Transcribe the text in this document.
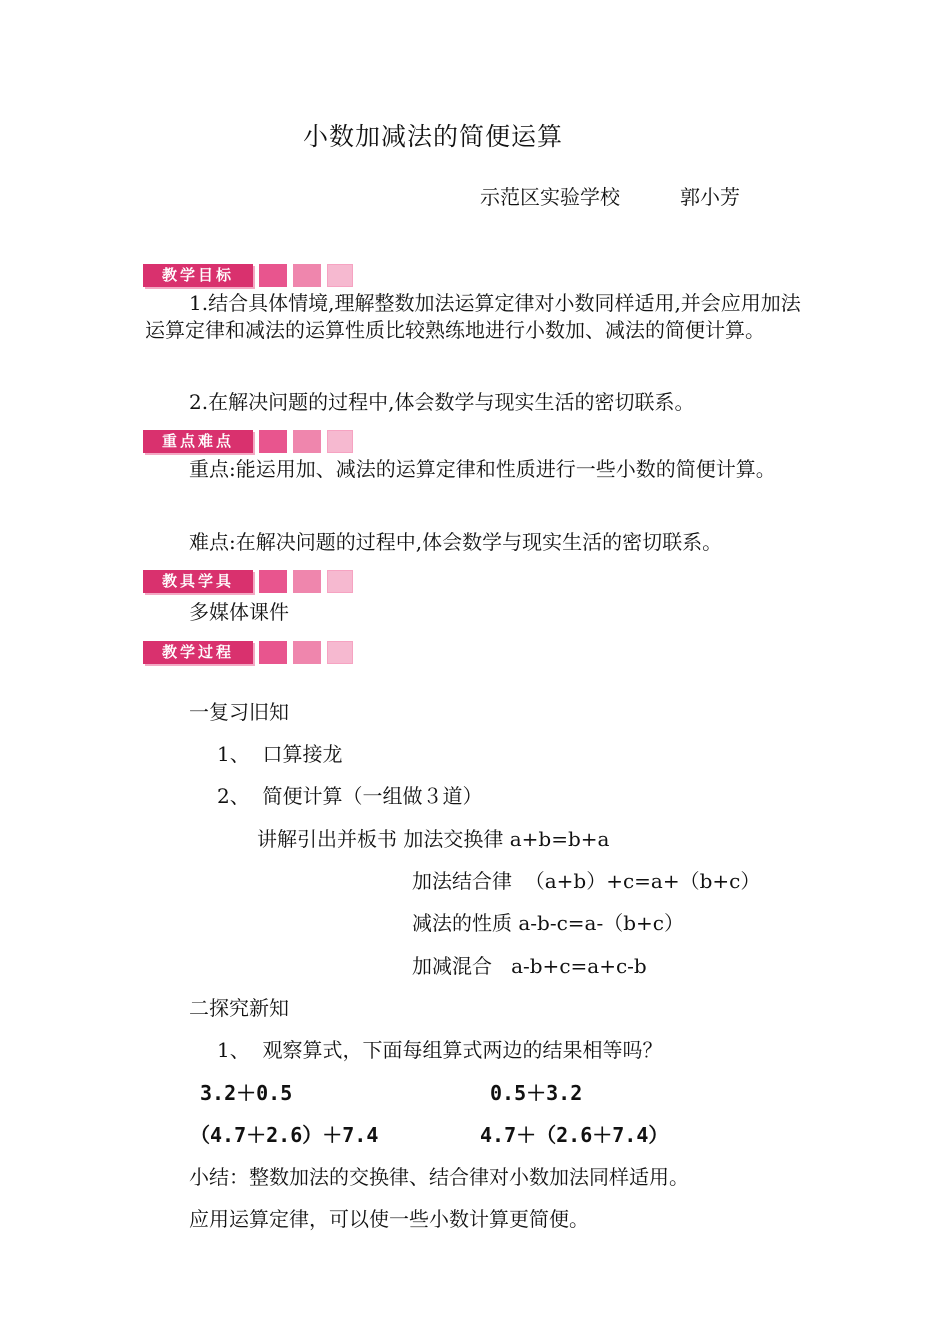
小数加减法的简便运算
示范区实验学校	郭小芳
教学目标
1.结合具体情境,理解整数加法运算定律对小数同样适用,并会应用加法运算定律和减法的运算性质比较熟练地进行小数加、减法的简便计算。
2.在解决问题的过程中,体会数学与现实生活的密切联系。
重点难点
重点:能运用加、减法的运算定律和性质进行一些小数的简便计算。
难点:在解决问题的过程中,体会数学与现实生活的密切联系。
教具学具
多媒体课件
教学过程
一复习旧知
1、  口算接龙
2、  简便计算（一组做３道）
讲解引出并板书 加法交换律 a+b=b+a
加法结合律  （a+b）+c=a+（b+c）
减法的性质 a-b-c=a-（b+c）
加减混合   a-b+c=a+c-b
二探究新知
1、  观察算式，下面每组算式两边的结果相等吗？
3.2＋0.5	0.5＋3.2
（4.7＋2.6）＋7.4	4.7＋（2.6＋7.4）
小结：整数加法的交换律、结合律对小数加法同样适用。
应用运算定律，可以使一些小数计算更简便。
